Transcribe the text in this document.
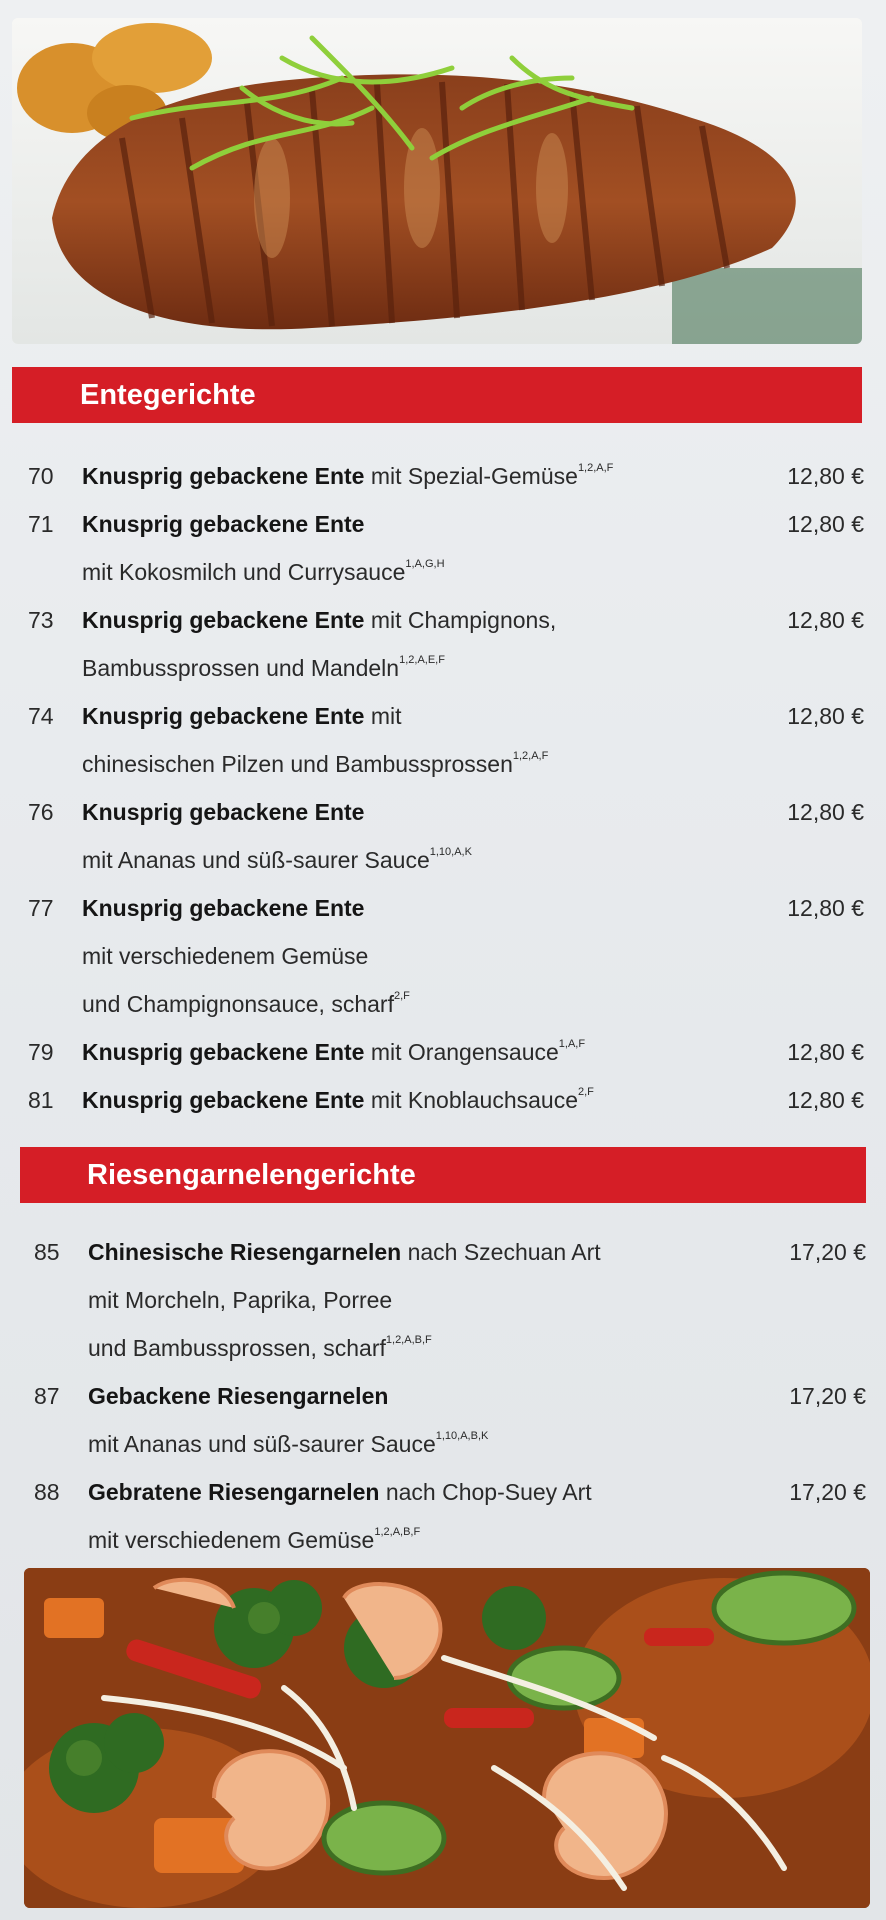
Entegerichte
70	12,80 €
Knusprig gebackene Ente mit Spezial-Gemüse$^{1,2,A,F}$
71	12,80 €
Knusprig gebackene Ente
mit Kokosmilch und Currysauce$^{1,A,G,H}$
73	12,80 €
Knusprig gebackene Ente mit Champignons,
Bambussprossen und Mandeln$^{1,2,A,E,F}$
74	12,80 €
Knusprig gebackene Ente mit
chinesischen Pilzen und Bambussprossen$^{1,2,A,F}$
76	12,80 €
Knusprig gebackene Ente
mit Ananas und süß-saurer Sauce$^{1,10,A,K}$
77	12,80 €
Knusprig gebackene Ente
mit verschiedenem Gemüse
und Champignonsauce, scharf$^{2,F}$
79	12,80 €
Knusprig gebackene Ente mit Orangensauce$^{1,A,F}$
81	12,80 €
Knusprig gebackene Ente mit Knoblauchsauce$^{2,F}$
Riesengarnelengerichte
85	17,20 €
Chinesische Riesengarnelen nach Szechuan Art
mit Morcheln, Paprika, Porree
und Bambussprossen, scharf$^{1,2,A,B,F}$
87	17,20 €
Gebackene Riesengarnelen
mit Ananas und süß-saurer Sauce$^{1,10,A,B,K}$
88	17,20 €
Gebratene Riesengarnelen nach Chop-Suey Art
mit verschiedenem Gemüse$^{1,2,A,B,F}$
